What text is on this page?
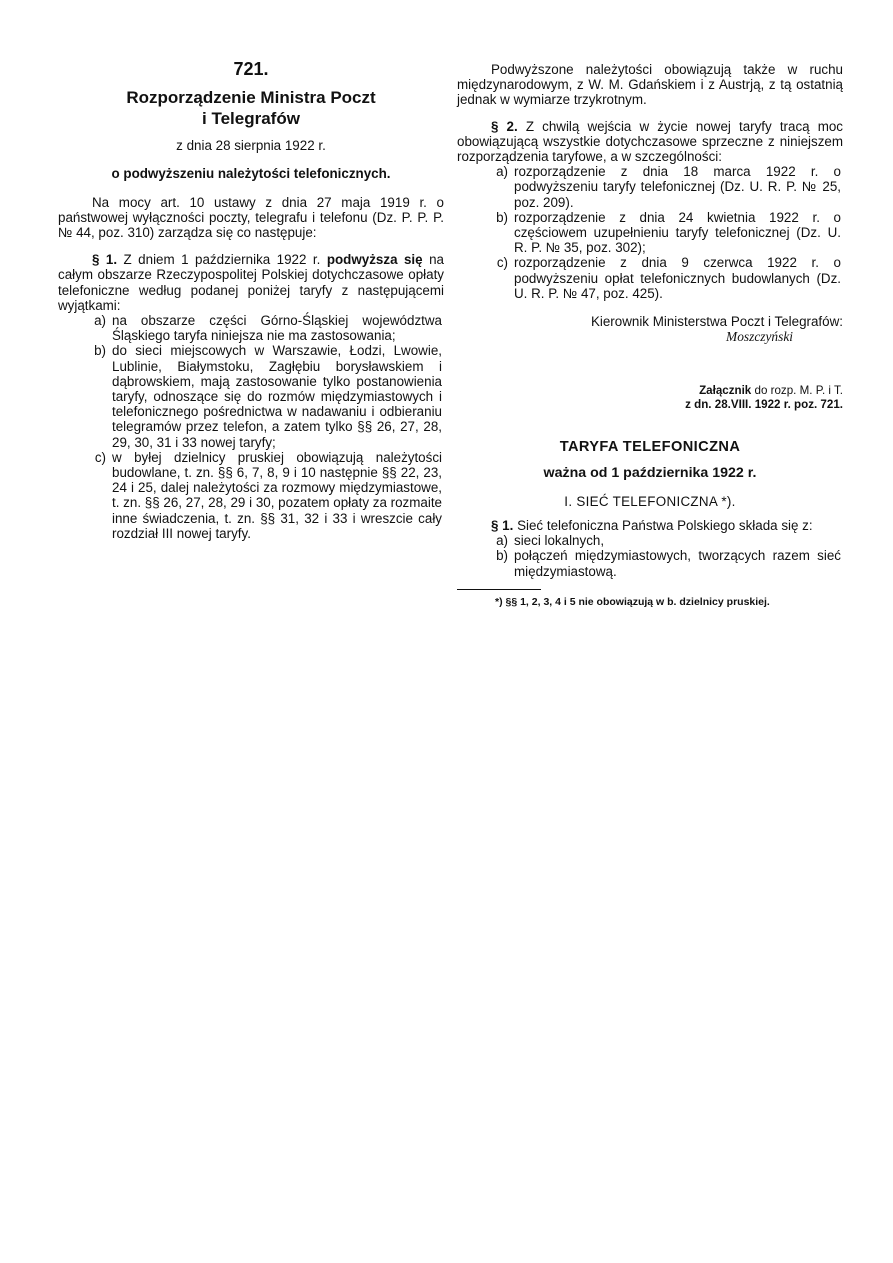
721.
Rozporządzenie Ministra Poczt
i Telegrafów
z dnia 28 sierpnia 1922 r.
o podwyższeniu należytości telefonicznych.

Na mocy art. 10 ustawy z dnia 27 maja 1919 r. o państwowej wyłączności poczty, telegrafu i telefonu (Dz. P. P. P. № 44, poz. 310) zarządza się co następuje:

§ 1. Z dniem 1 października 1922 r. podwyższa się na całym obszarze Rzeczypospolitej Polskiej dotychczasowe opłaty telefoniczne według podanej poniżej taryfy z następującemi wyjątkami:

a) na obszarze części Górno-Śląskiej województwa Śląskiego taryfa niniejsza nie ma zastosowania;
b) do sieci miejscowych w Warszawie, Łodzi, Lwowie, Lublinie, Białymstoku, Zagłębiu borysławskiem i dąbrowskiem, mają zastosowanie tylko postanowienia taryfy, odnoszące się do rozmów międzymiastowych i telefonicznego pośrednictwa w nadawaniu i odbieraniu telegramów przez telefon, a zatem tylko §§ 26, 27, 28, 29, 30, 31 i 33 nowej taryfy;
c) w byłej dzielnicy pruskiej obowiązują należytości budowlane, t. zn. §§ 6, 7, 8, 9 i 10 następnie §§ 22, 23, 24 i 25, dalej należytości za rozmowy międzymiastowe, t. zn. §§ 26, 27, 28, 29 i 30, pozatem opłaty za rozmaite inne świadczenia, t. zn. §§ 31, 32 i 33 i wreszcie cały rozdział III nowej taryfy.

Podwyższone należytości obowiązują także w ruchu międzynarodowym, z W. M. Gdańskiem i z Austrją, z tą ostatnią jednak w wymiarze trzykrotnym.

§ 2. Z chwilą wejścia w życie nowej taryfy tracą moc obowiązującą wszystkie dotychczasowe sprzeczne z niniejszem rozporządzenia taryfowe, a w szczególności:

a) rozporządzenie z dnia 18 marca 1922 r. o podwyższeniu taryfy telefonicznej (Dz. U. R. P. № 25, poz. 209).
b) rozporządzenie z dnia 24 kwietnia 1922 r. o częściowem uzupełnieniu taryfy telefonicznej (Dz. U. R. P. № 35, poz. 302);
c) rozporządzenie z dnia 9 czerwca 1922 r. o podwyższeniu opłat telefonicznych budowlanych (Dz. U. R. P. № 47, poz. 425).
Kierownik Ministerstwa Poczt i Telegrafów:
Moszczyński
Załącznik do rozp. M. P. i T.
z dn. 28.VIII. 1922 r. poz. 721.
TARYFA TELEFONICZNA
ważna od 1 października 1922 r.
I. SIEĆ TELEFONICZNA *).

§ 1. Sieć telefoniczna Państwa Polskiego składa się z:

a) sieci lokalnych,
b) połączeń międzymiastowych, tworzących razem sieć międzymiastową.
*) §§ 1, 2, 3, 4 i 5 nie obowiązują w b. dzielnicy pruskiej.
